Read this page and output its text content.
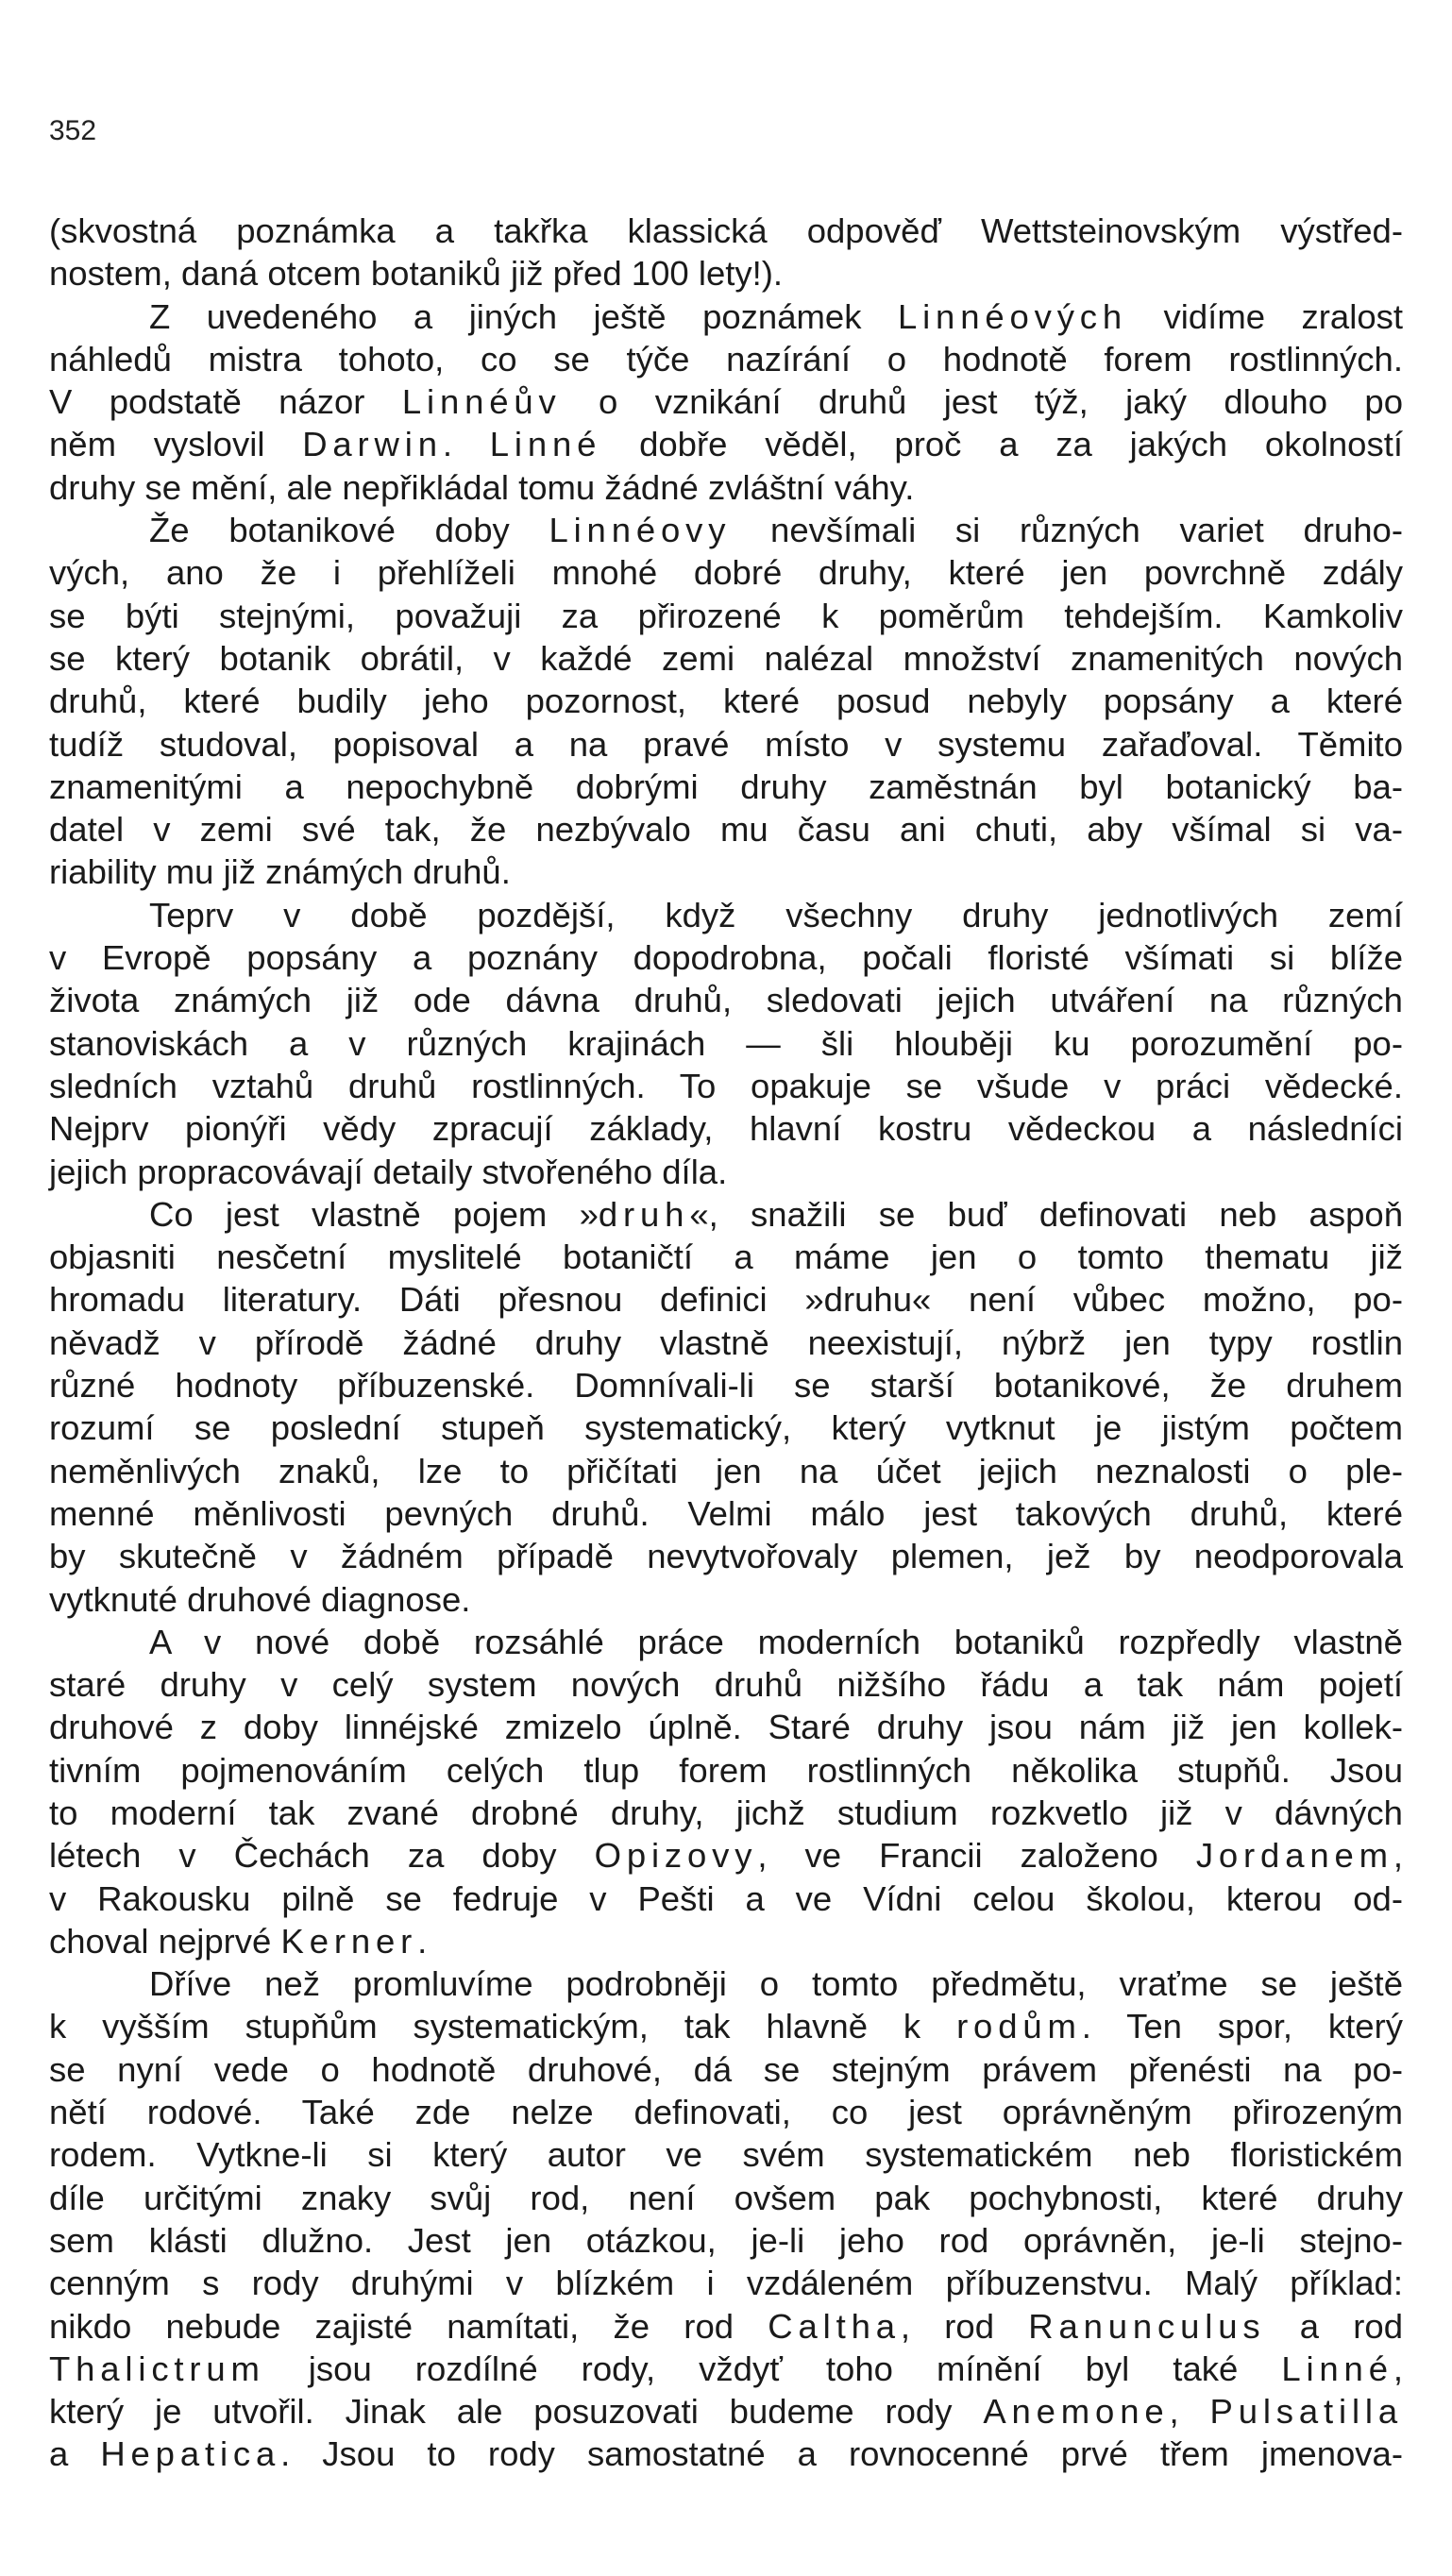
352
(skvostná poznámka a takřka klassická odpověď Wettsteinovským výstřed-
nostem, daná otcem botaniků již před 100 lety!).
Z uvedeného a jiných ještě poznámek Linnéových vidíme zralost
náhledů mistra tohoto, co se týče nazírání o hodnotě forem rostlinných.
V podstatě názor Linnéův o vznikání druhů jest týž, jaký dlouho po
něm vyslovil Darwin. Linné dobře věděl, proč a za jakých okolností
druhy se mění, ale nepřikládal tomu žádné zvláštní váhy.
Že botanikové doby Linnéovy nevšímali si různých variet druho-
vých, ano že i přehlíželi mnohé dobré druhy, které jen povrchně zdály
se býti stejnými, považuji za přirozené k poměrům tehdejším. Kamkoliv
se který botanik obrátil, v každé zemi nalézal množství znamenitých nových
druhů, které budily jeho pozornost, které posud nebyly popsány a které
tudíž studoval, popisoval a na pravé místo v systemu zařaďoval. Těmito
znamenitými a nepochybně dobrými druhy zaměstnán byl botanický ba-
datel v zemi své tak, že nezbývalo mu času ani chuti, aby všímal si va-
riability mu již známých druhů.
Teprv v době pozdější, když všechny druhy jednotlivých zemí
v Evropě popsány a poznány dopodrobna, počali floristé všímati si blíže
života známých již ode dávna druhů, sledovati jejich utváření na různých
stanoviskách a v různých krajinách — šli hlouběji ku porozumění po-
sledních vztahů druhů rostlinných. To opakuje se všude v práci vědecké.
Nejprv pionýři vědy zpracují základy, hlavní kostru vědeckou a následníci
jejich propracovávají detaily stvořeného díla.
Co jest vlastně pojem »druh«, snažili se buď definovati neb aspoň
objasniti nesčetní myslitelé botaničtí a máme jen o tomto thematu již
hromadu literatury. Dáti přesnou definici »druhu« není vůbec možno, po-
něvadž v přírodě žádné druhy vlastně neexistují, nýbrž jen typy rostlin
různé hodnoty příbuzenské. Domnívali-li se starší botanikové, že druhem
rozumí se poslední stupeň systematický, který vytknut je jistým počtem
neměnlivých znaků, lze to přičítati jen na účet jejich neznalosti o ple-
menné měnlivosti pevných druhů. Velmi málo jest takových druhů, které
by skutečně v žádném případě nevytvořovaly plemen, jež by neodporovala
vytknuté druhové diagnose.
A v nové době rozsáhlé práce moderních botaniků rozpředly vlastně
staré druhy v celý system nových druhů nižšího řádu a tak nám pojetí
druhové z doby linnéjské zmizelo úplně. Staré druhy jsou nám již jen kollek-
tivním pojmenováním celých tlup forem rostlinných několika stupňů. Jsou
to moderní tak zvané drobné druhy, jichž studium rozkvetlo již v dávných
létech v Čechách za doby Opizovy, ve Francii založeno Jordanem,
v Rakousku pilně se fedruje v Pešti a ve Vídni celou školou, kterou od-
choval nejprvé Kerner.
Dříve než promluvíme podrobněji o tomto předmětu, vraťme se ještě
k vyšším stupňům systematickým, tak hlavně k rodům. Ten spor, který
se nyní vede o hodnotě druhové, dá se stejným právem přenésti na po-
nětí rodové. Také zde nelze definovati, co jest oprávněným přirozeným
rodem. Vytkne-li si který autor ve svém systematickém neb floristickém
díle určitými znaky svůj rod, není ovšem pak pochybnosti, které druhy
sem klásti dlužno. Jest jen otázkou, je-li jeho rod oprávněn, je-li stejno-
cenným s rody druhými v blízkém i vzdáleném příbuzenstvu. Malý příklad:
nikdo nebude zajisté namítati, že rod Caltha, rod Ranunculus a rod
Thalictrum jsou rozdílné rody, vždyť toho mínění byl také Linné,
který je utvořil. Jinak ale posuzovati budeme rody Anemone, Pulsatilla
a Hepatica. Jsou to rody samostatné a rovnocenné prvé třem jmenova-
